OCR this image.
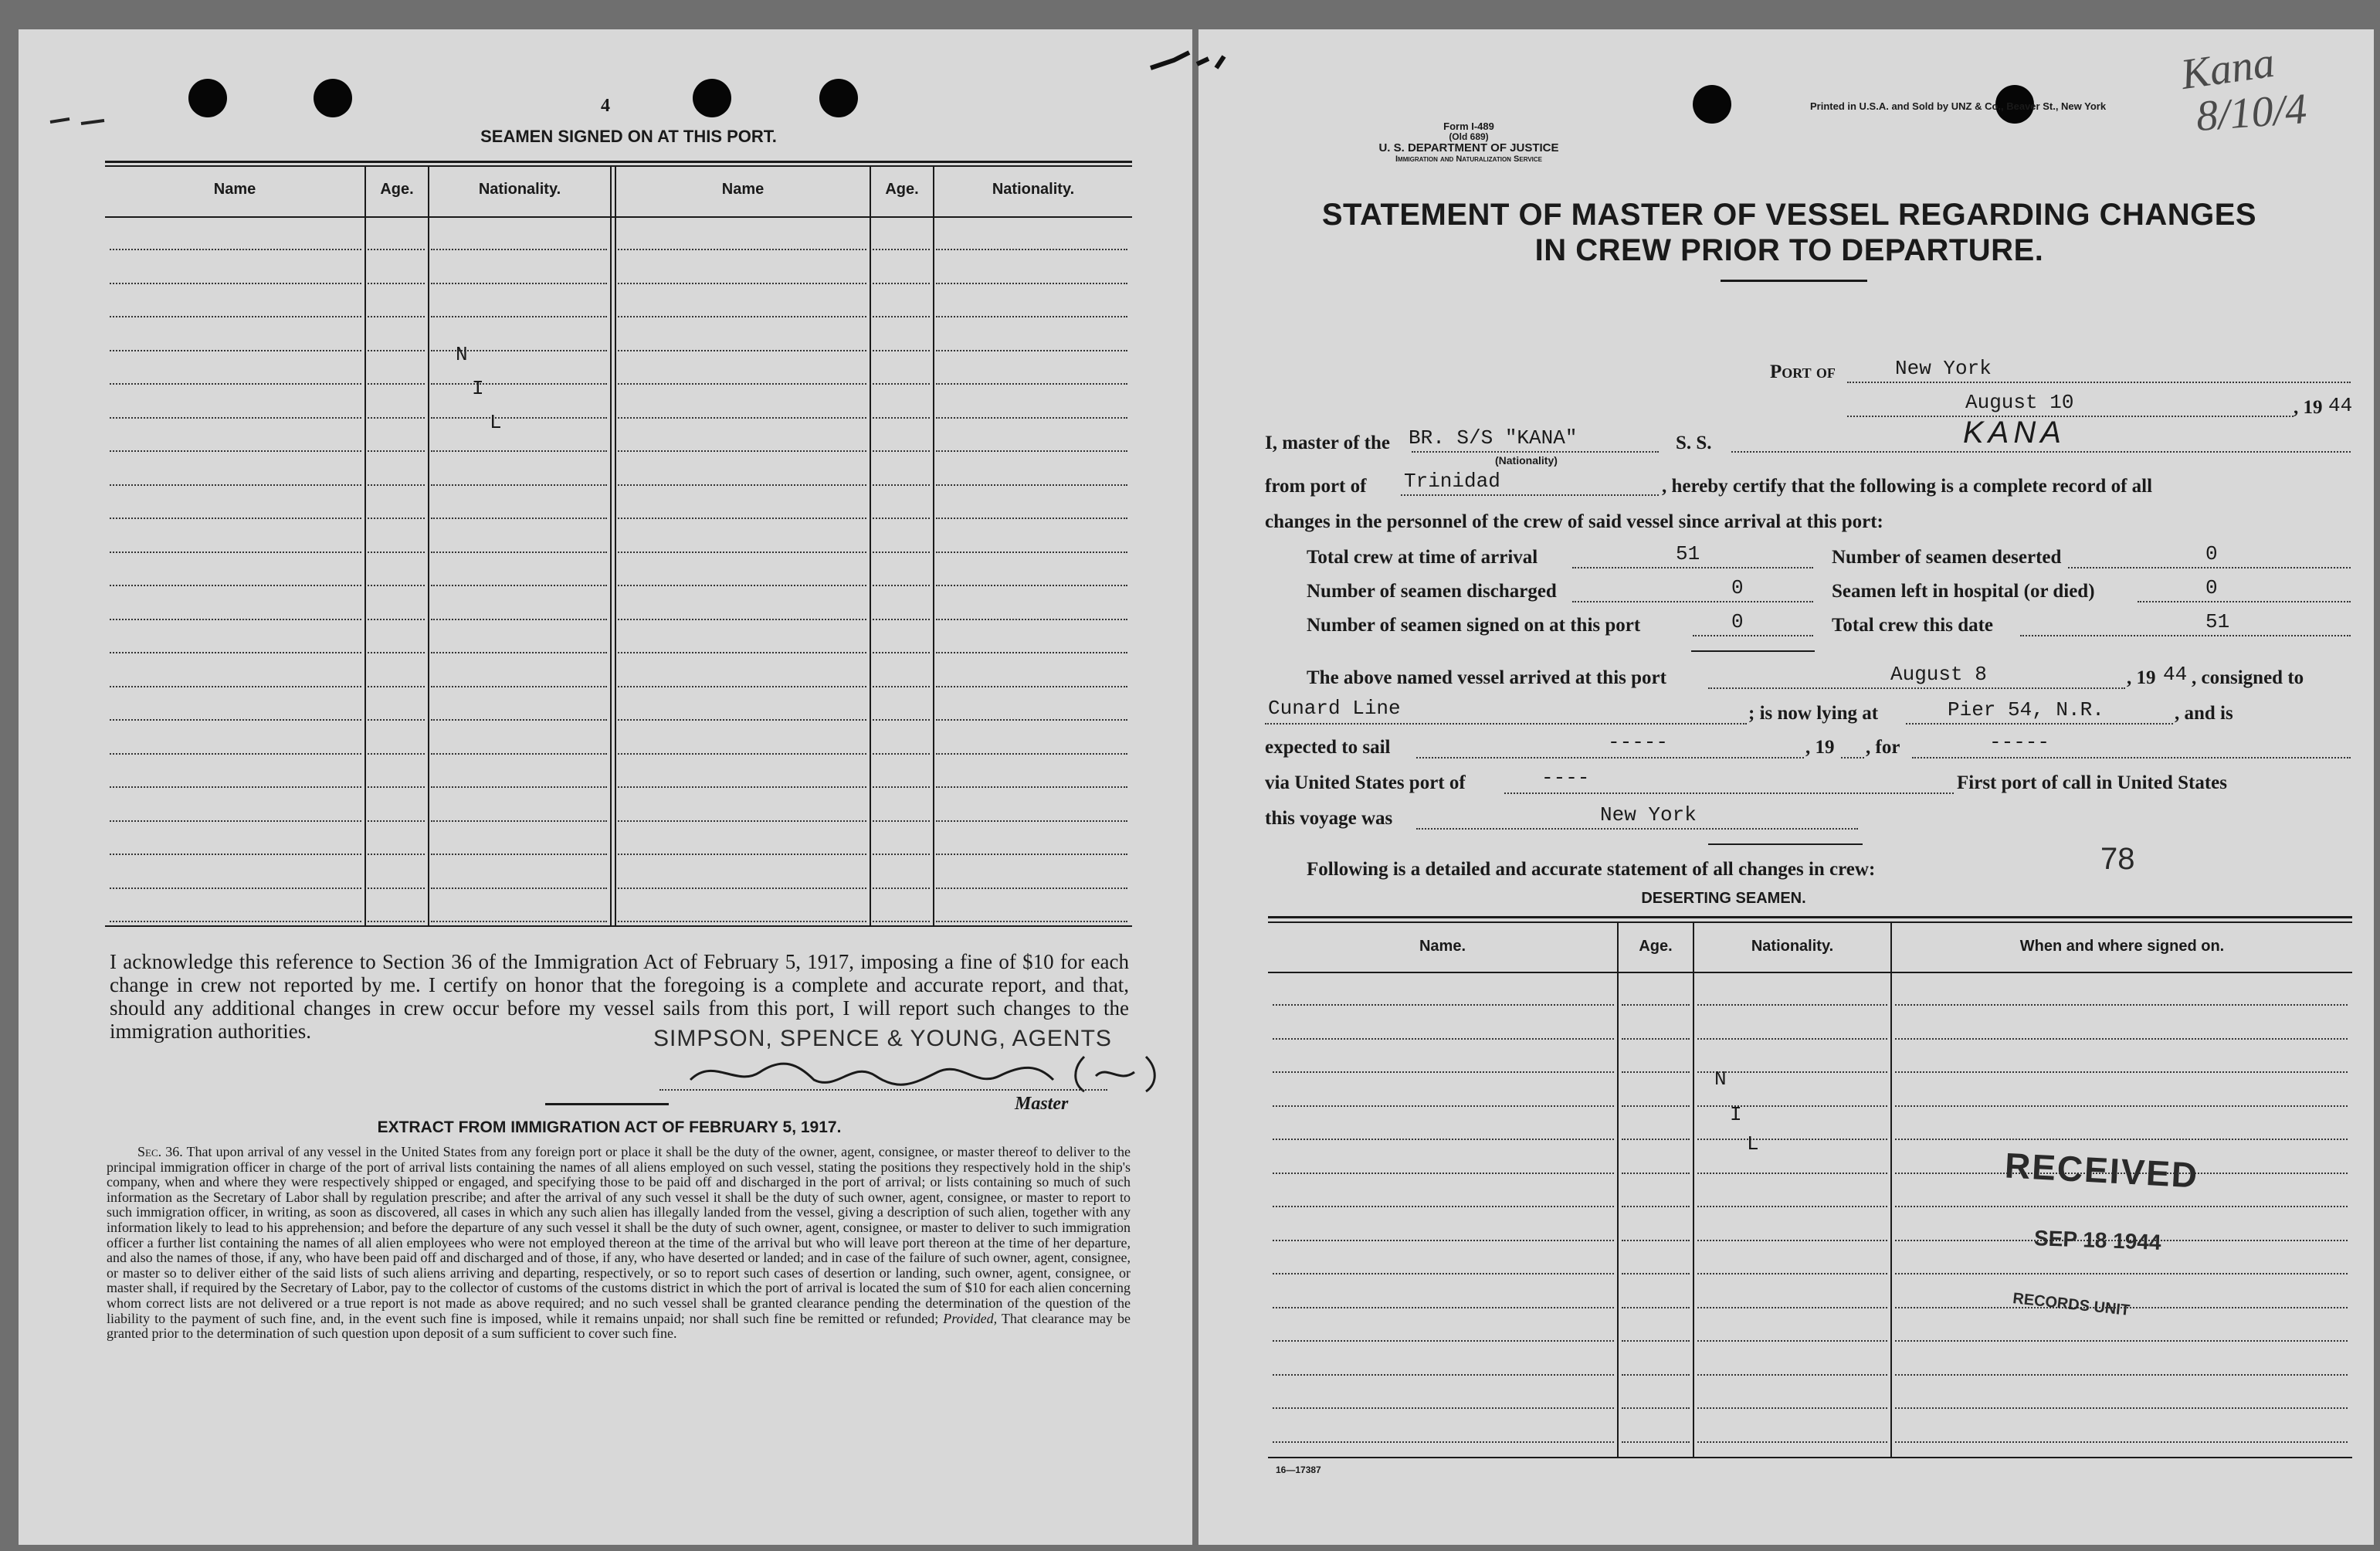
4
SEAMEN SIGNED ON AT THIS PORT.
Name	Age.	Nationality.	Name	Age.	Nationality.
N
I
L
I acknowledge this reference to Section 36 of the Immigration Act of February 5, 1917, imposing a fine of $10 for each change in crew not reported by me. I certify on honor that the foregoing is a complete and accurate report, and that, should any additional changes in crew occur before my vessel sails from this port, I will report such changes to the immigration authorities.	SIMPSON, SPENCE & YOUNG, AGENTS
Master
EXTRACT FROM IMMIGRATION ACT OF FEBRUARY 5, 1917.
Sec. 36. That upon arrival of any vessel in the United States from any foreign port or place it shall be the duty of the owner, agent, consignee, or master thereof to deliver to the principal immigration officer in charge of the port of arrival lists containing the names of all aliens employed on such vessel, stating the positions they respectively hold in the ship's company, when and where they were respectively shipped or engaged, and specifying those to be paid off and discharged in the port of arrival; or lists containing so much of such information as the Secretary of Labor shall by regulation prescribe; and after the arrival of any such vessel it shall be the duty of such owner, agent, consignee, or master to report to such immigration officer, in writing, as soon as discovered, all cases in which any such alien has illegally landed from the vessel, giving a description of such alien, together with any information likely to lead to his apprehension; and before the departure of any such vessel it shall be the duty of such owner, agent, consignee, or master to deliver to such immigration officer a further list containing the names of all alien employees who were not employed thereon at the time of the arrival but who will leave port thereon at the time of her departure, and also the names of those, if any, who have been paid off and discharged and of those, if any, who have deserted or landed; and in case of the failure of such owner, agent, consignee, or master so to deliver either of the said lists of such aliens arriving and departing, respectively, or so to report such cases of desertion or landing, such owner, agent, consignee, or master shall, if required by the Secretary of Labor, pay to the collector of customs of the customs district in which the port of arrival is located the sum of $10 for each alien concerning whom correct lists are not delivered or a true report is not made as above required; and no such vessel shall be granted clearance pending the determination of the question of the liability to the payment of such fine, and, in the event such fine is imposed, while it remains unpaid; nor shall such fine be remitted or refunded; Provided, That clearance may be granted prior to the determination of such question upon deposit of a sum sufficient to cover such fine.
Form I-489
(Old 689)
U. S. DEPARTMENT OF JUSTICE
Immigration and Naturalization Service
Printed in U.S.A. and Sold by UNZ & Co., Beaver St., New York
Kana
8/10/4
STATEMENT OF MASTER OF VESSEL REGARDING CHANGES
IN CREW PRIOR TO DEPARTURE.
Port of	New York
August 10	, 19 44
I, master of the BR. S/S "KANA"
(Nationality)
S. S.	KANA
from port of Trinidad	, hereby certify that the following is a complete record of all
changes in the personnel of the crew of said vessel since arrival at this port:
Total crew at time of arrival	51	Number of seamen deserted	0
Number of seamen discharged	0	Seamen left in hospital (or died)	0
Number of seamen signed on at this port	0	Total crew this date	51
The above named vessel arrived at this port	August 8	, 19 44 , consigned to
Cunard Line	; is now lying at	Pier 54, N.R.	, and is
expected to sail	-----	, 19 , for	-----
via United States port of	----	First port of call in United States
this voyage was	New York
Following is a detailed and accurate statement of all changes in crew:	78
DESERTING SEAMEN.
Name.	Age.	Nationality.	When and where signed on.
N
I
L
RECEIVED
SEP 18 1944
RECORDS UNIT
16—17387
